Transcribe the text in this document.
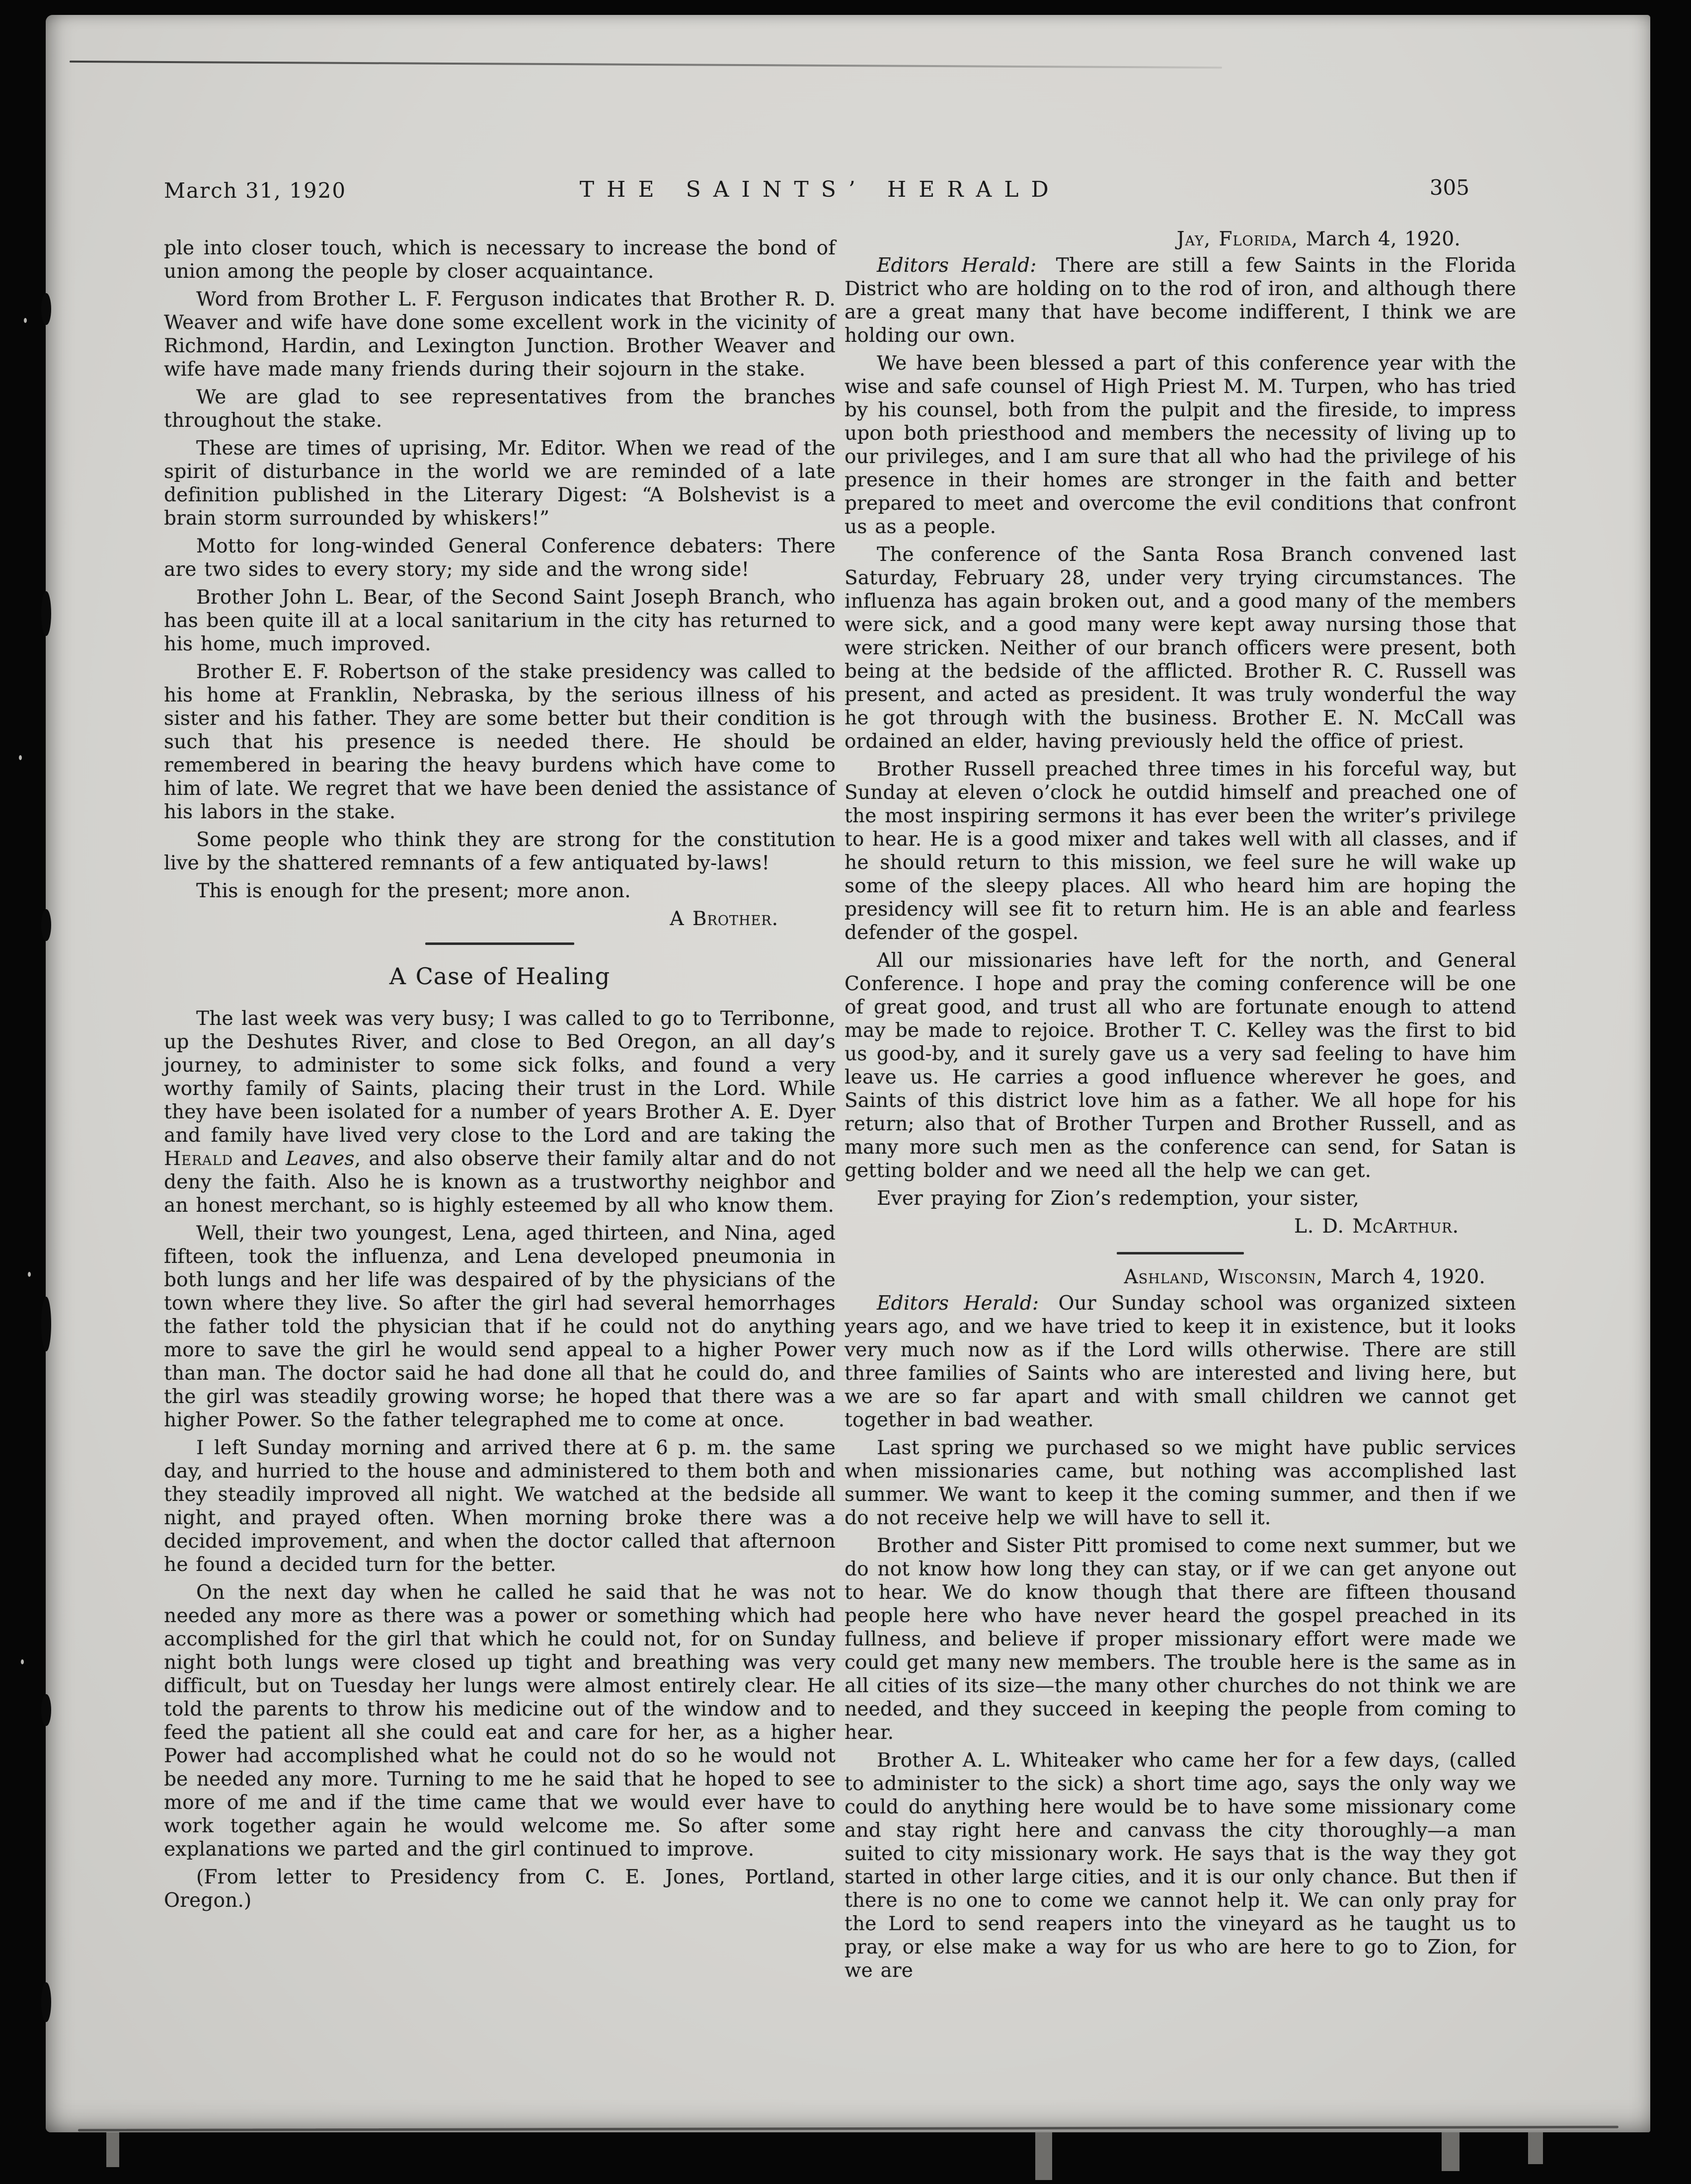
March 31, 1920	THE SAINTS’ HERALD	305

ple into closer touch, which is necessary to increase the bond of union among the people by closer acquaintance.

Word from Brother L. F. Ferguson indicates that Brother R. D. Weaver and wife have done some excellent work in the vicinity of Richmond, Hardin, and Lexington Junction. Brother Weaver and wife have made many friends during their sojourn in the stake.

We are glad to see representatives from the branches throughout the stake.

These are times of uprising, Mr. Editor. When we read of the spirit of disturbance in the world we are reminded of a late definition published in the Literary Digest: “A Bolshevist is a brain storm surrounded by whiskers!”

Motto for long-winded General Conference debaters: There are two sides to every story; my side and the wrong side!

Brother John L. Bear, of the Second Saint Joseph Branch, who has been quite ill at a local sanitarium in the city has returned to his home, much improved.

Brother E. F. Robertson of the stake presidency was called to his home at Franklin, Nebraska, by the serious illness of his sister and his father. They are some better but their condition is such that his presence is needed there. He should be remembered in bearing the heavy burdens which have come to him of late. We regret that we have been denied the assistance of his labors in the stake.

Some people who think they are strong for the constitution live by the shattered remnants of a few antiquated by-laws!

This is enough for the present; more anon.

A Brother.

A Case of Healing

The last week was very busy; I was called to go to Terribonne, up the Deshutes River, and close to Bed Oregon, an all day’s journey, to administer to some sick folks, and found a very worthy family of Saints, placing their trust in the Lord. While they have been isolated for a number of years Brother A. E. Dyer and family have lived very close to the Lord and are taking the Herald and Leaves, and also observe their family altar and do not deny the faith. Also he is known as a trustworthy neighbor and an honest merchant, so is highly esteemed by all who know them.

Well, their two youngest, Lena, aged thirteen, and Nina, aged fifteen, took the influenza, and Lena developed pneumonia in both lungs and her life was despaired of by the physicians of the town where they live. So after the girl had several hemorrhages the father told the physician that if he could not do anything more to save the girl he would send appeal to a higher Power than man. The doctor said he had done all that he could do, and the girl was steadily growing worse; he hoped that there was a higher Power. So the father telegraphed me to come at once.

I left Sunday morning and arrived there at 6 p. m. the same day, and hurried to the house and administered to them both and they steadily improved all night. We watched at the bedside all night, and prayed often. When morning broke there was a decided improvement, and when the doctor called that afternoon he found a decided turn for the better.

On the next day when he called he said that he was not needed any more as there was a power or something which had accomplished for the girl that which he could not, for on Sunday night both lungs were closed up tight and breathing was very difficult, but on Tuesday her lungs were almost entirely clear. He told the parents to throw his medicine out of the window and to feed the patient all she could eat and care for her, as a higher Power had accomplished what he could not do so he would not be needed any more. Turning to me he said that he hoped to see more of me and if the time came that we would ever have to work together again he would welcome me. So after some explanations we parted and the girl continued to improve.

(From letter to Presidency from C. E. Jones, Portland, Oregon.)

Jay, Florida, March 4, 1920.

Editors Herald: There are still a few Saints in the Florida District who are holding on to the rod of iron, and although there are a great many that have become indifferent, I think we are holding our own.

We have been blessed a part of this conference year with the wise and safe counsel of High Priest M. M. Turpen, who has tried by his counsel, both from the pulpit and the fireside, to impress upon both priesthood and members the necessity of living up to our privileges, and I am sure that all who had the privilege of his presence in their homes are stronger in the faith and better prepared to meet and overcome the evil conditions that confront us as a people.

The conference of the Santa Rosa Branch convened last Saturday, February 28, under very trying circumstances. The influenza has again broken out, and a good many of the members were sick, and a good many were kept away nursing those that were stricken. Neither of our branch officers were present, both being at the bedside of the afflicted. Brother R. C. Russell was present, and acted as president. It was truly wonderful the way he got through with the business. Brother E. N. McCall was ordained an elder, having previously held the office of priest.

Brother Russell preached three times in his forceful way, but Sunday at eleven o’clock he outdid himself and preached one of the most inspiring sermons it has ever been the writer’s privilege to hear. He is a good mixer and takes well with all classes, and if he should return to this mission, we feel sure he will wake up some of the sleepy places. All who heard him are hoping the presidency will see fit to return him. He is an able and fearless defender of the gospel.

All our missionaries have left for the north, and General Conference. I hope and pray the coming conference will be one of great good, and trust all who are fortunate enough to attend may be made to rejoice. Brother T. C. Kelley was the first to bid us good-by, and it surely gave us a very sad feeling to have him leave us. He carries a good influence wherever he goes, and Saints of this district love him as a father. We all hope for his return; also that of Brother Turpen and Brother Russell, and as many more such men as the conference can send, for Satan is getting bolder and we need all the help we can get.

Ever praying for Zion’s redemption, your sister,

L. D. McArthur.

Ashland, Wisconsin, March 4, 1920.

Editors Herald: Our Sunday school was organized sixteen years ago, and we have tried to keep it in existence, but it looks very much now as if the Lord wills otherwise. There are still three families of Saints who are interested and living here, but we are so far apart and with small children we cannot get together in bad weather.

Last spring we purchased so we might have public services when missionaries came, but nothing was accomplished last summer. We want to keep it the coming summer, and then if we do not receive help we will have to sell it.

Brother and Sister Pitt promised to come next summer, but we do not know how long they can stay, or if we can get anyone out to hear. We do know though that there are fifteen thousand people here who have never heard the gospel preached in its fullness, and believe if proper missionary effort were made we could get many new members. The trouble here is the same as in all cities of its size—the many other churches do not think we are needed, and they succeed in keeping the people from coming to hear.

Brother A. L. Whiteaker who came her for a few days, (called to administer to the sick) a short time ago, says the only way we could do anything here would be to have some missionary come and stay right here and canvass the city thoroughly—a man suited to city missionary work. He says that is the way they got started in other large cities, and it is our only chance. But then if there is no one to come we cannot help it. We can only pray for the Lord to send reapers into the vineyard as he taught us to pray, or else make a way for us who are here to go to Zion, for we are
